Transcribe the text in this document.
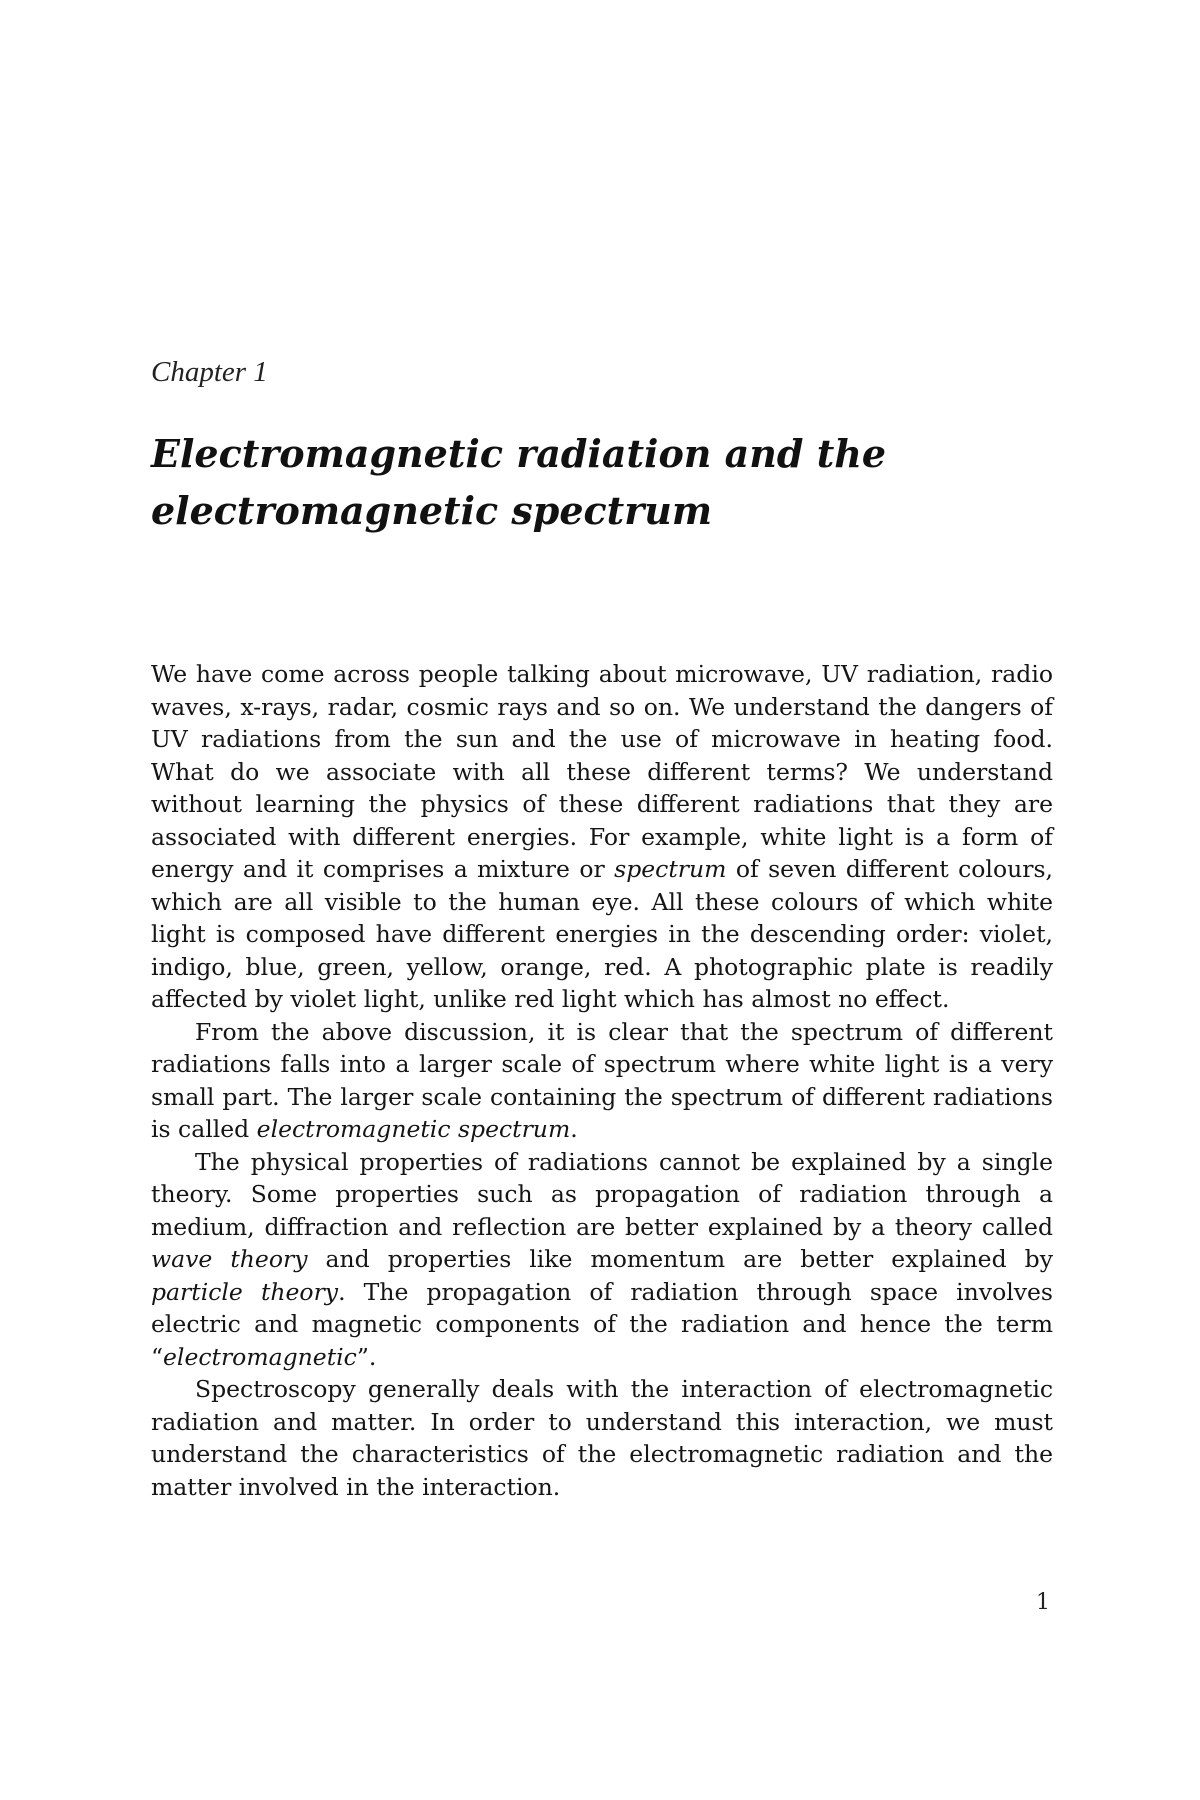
Chapter 1
Electromagnetic radiation and the electromagnetic spectrum

We have come across people talking about microwave, UV radiation, radio waves, x-rays, radar, cosmic rays and so on. We understand the dangers of UV radiations from the sun and the use of microwave in heating food. What do we associate with all these different terms? We understand without learning the physics of these different radiations that they are associated with different energies. For example, white light is a form of energy and it comprises a mixture or spectrum of seven different colours, which are all visible to the human eye. All these colours of which white light is composed have different energies in the descending order: violet, indigo, blue, green, yellow, orange, red. A photographic plate is readily affected by violet light, unlike red light which has almost no effect.

From the above discussion, it is clear that the spectrum of different radiations falls into a larger scale of spectrum where white light is a very small part. The larger scale containing the spectrum of different radiations is called electromagnetic spectrum.

The physical properties of radiations cannot be explained by a single theory. Some properties such as propagation of radiation through a medium, diffraction and reflection are better explained by a theory called wave theory and properties like momentum are better explained by particle theory. The propagation of radiation through space involves electric and magnetic components of the radiation and hence the term “electromagnetic”.

Spectroscopy generally deals with the interaction of electromagnetic radiation and matter. In order to understand this interaction, we must understand the characteristics of the electromagnetic radiation and the matter involved in the interaction.

1
